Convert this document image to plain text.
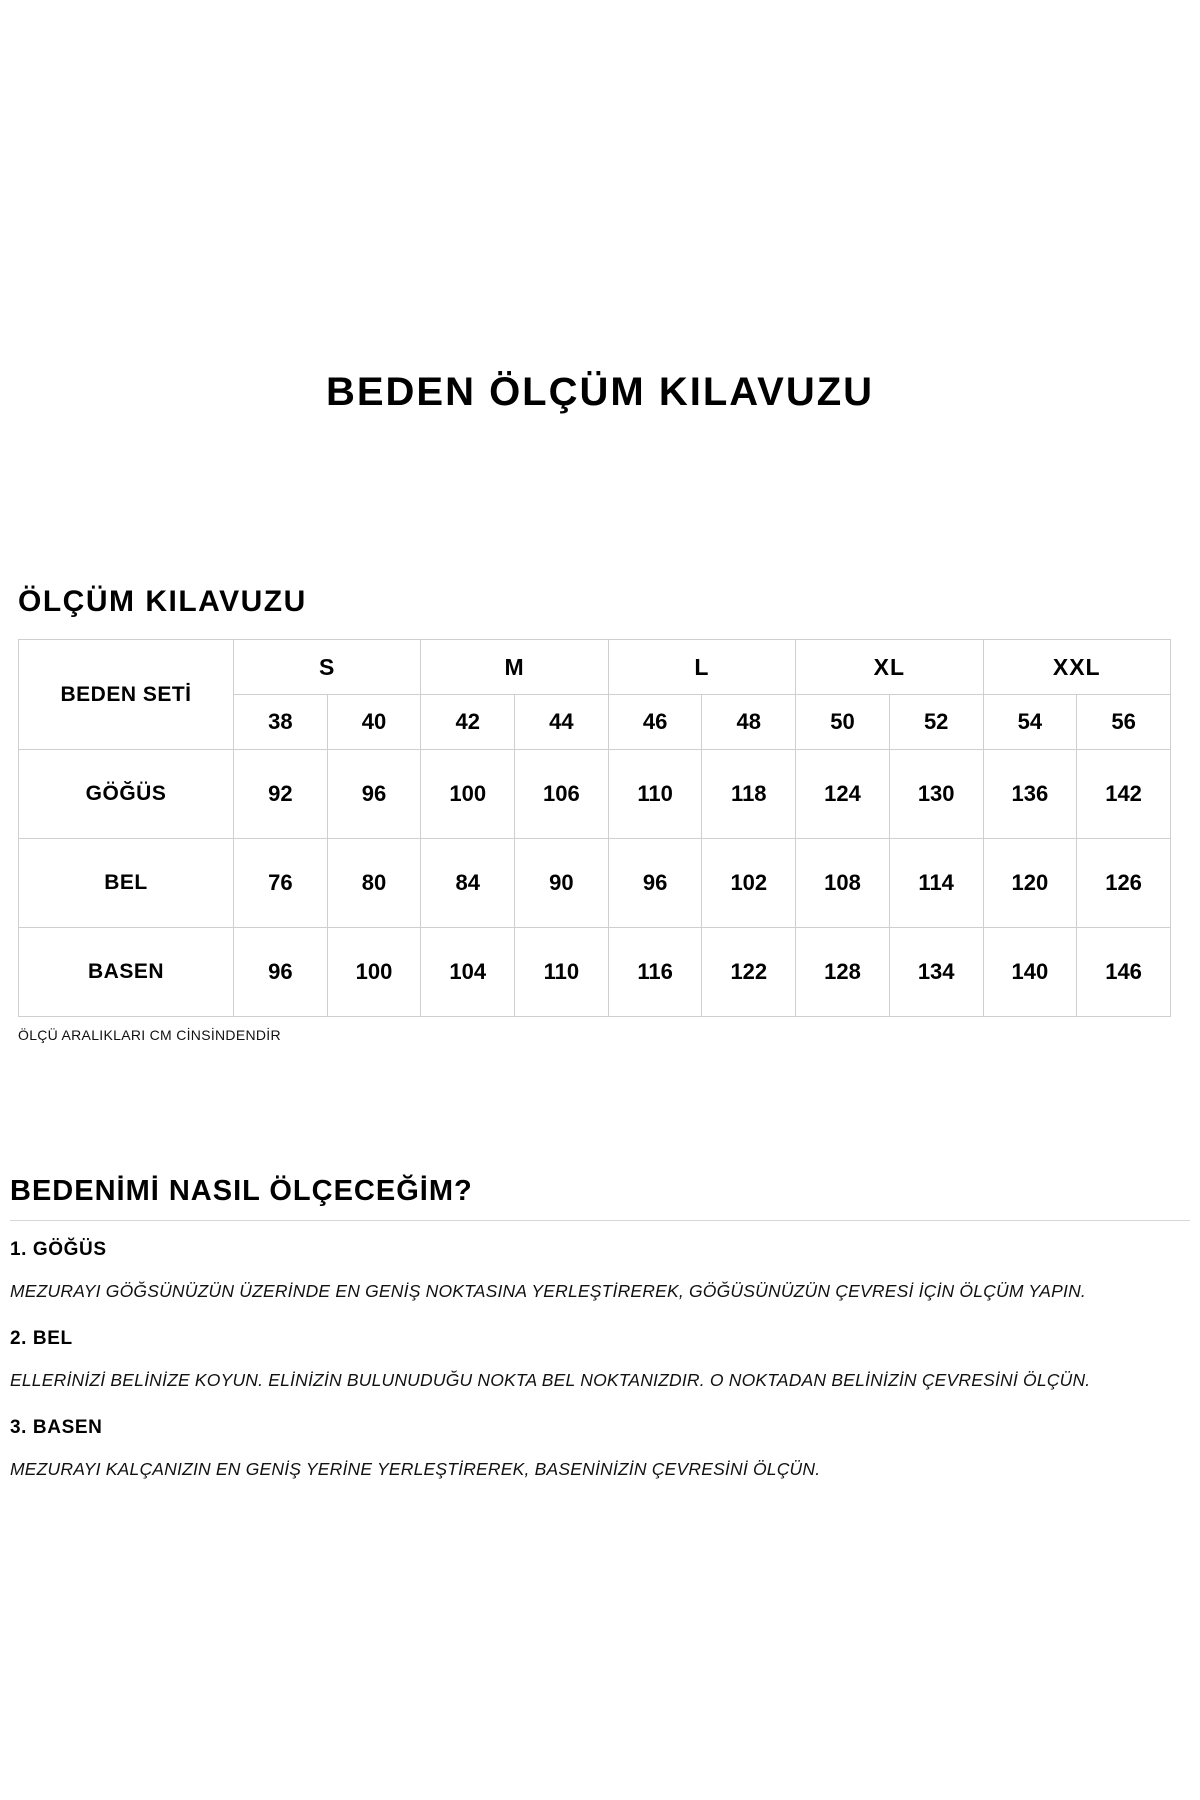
BEDEN ÖLÇÜM KILAVUZU
ÖLÇÜM KILAVUZU
BEDEN SETİ	S		M		L		XL		XXL	
	38	40	42	44	46	48	50	52	54	56
GÖĞÜS	92	96	100	106	110	118	124	130	136	142
BEL	76	80	84	90	96	102	108	114	120	126
BASEN	96	100	104	110	116	122	128	134	140	146
ÖLÇÜ ARALIKLARI CM CİNSİNDENDİR
BEDENİMİ NASIL ÖLÇECEĞİM?
1. GÖĞÜS
MEZURAYI GÖĞSÜNÜZÜN ÜZERİNDE EN GENİŞ NOKTASINA YERLEŞTİREREK, GÖĞÜSÜNÜZÜN ÇEVRESİ İÇİN ÖLÇÜM YAPIN.
2. BEL
ELLERİNİZİ BELİNİZE KOYUN. ELİNİZİN BULUNUDUĞU NOKTA BEL NOKTANIZDIR. O NOKTADAN BELİNİZİN ÇEVRESİNİ ÖLÇÜN.
3. BASEN
MEZURAYI KALÇANIZIN EN GENİŞ YERİNE YERLEŞTİREREK, BASENİNİZİN ÇEVRESİNİ ÖLÇÜN.
